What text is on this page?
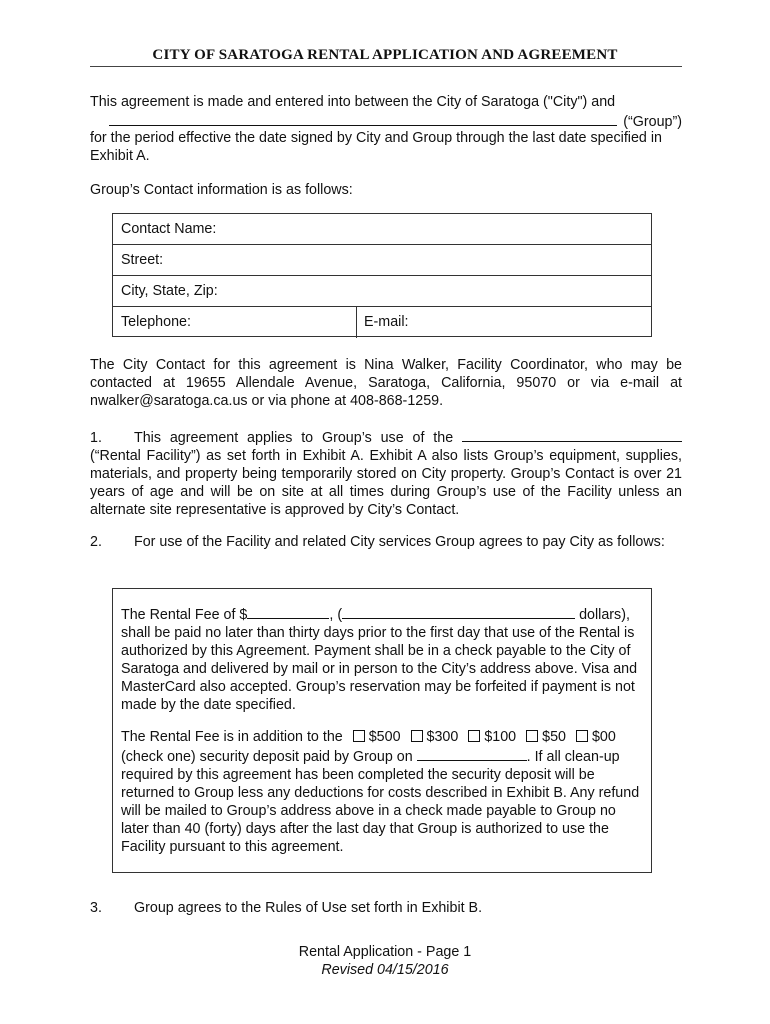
CITY OF SARATOGA RENTAL APPLICATION AND AGREEMENT
This agreement is made and entered into between the City of Saratoga ("City") and
(“Group”)
for the period effective the date signed by City and Group through the last date specified in Exhibit A.
Group’s Contact information is as follows:
Contact Name:
Street:
City, State, Zip:
Telephone:	E-mail:
The City Contact for this agreement is Nina Walker, Facility Coordinator, who may be contacted at 19655 Allendale Avenue, Saratoga, California, 95070 or via e-mail at nwalker@saratoga.ca.us or via phone at 408-868-1259.
1. This agreement applies to Group’s use of the  (“Rental Facility”) as set forth in Exhibit A. Exhibit A also lists Group’s equipment, supplies, materials, and property being temporarily stored on City property. Group’s Contact is over 21 years of age and will be on site at all times during Group’s use of the Facility unless an alternate site representative is approved by City’s Contact.
2. For use of the Facility and related City services Group agrees to pay City as follows:
The Rental Fee of $	, (	dollars), shall be paid no later than thirty days prior to the first day that use of the Rental is authorized by this Agreement. Payment shall be in a check payable to the City of Saratoga and delivered by mail or in person to the City’s address above. Visa and MasterCard also accepted. Group’s reservation may be forfeited if payment is not made by the date specified.
The Rental Fee is in addition to the $500 $300 $100 $50 $00 (check one) security deposit paid by Group on	. If all clean-up required by this agreement has been completed the security deposit will be returned to Group less any deductions for costs described in Exhibit B. Any refund will be mailed to Group’s address above in a check made payable to Group no later than 40 (forty) days after the last day that Group is authorized to use the Facility pursuant to this agreement.
3. Group agrees to the Rules of Use set forth in Exhibit B.
Rental Application - Page 1
Revised 04/15/2016
